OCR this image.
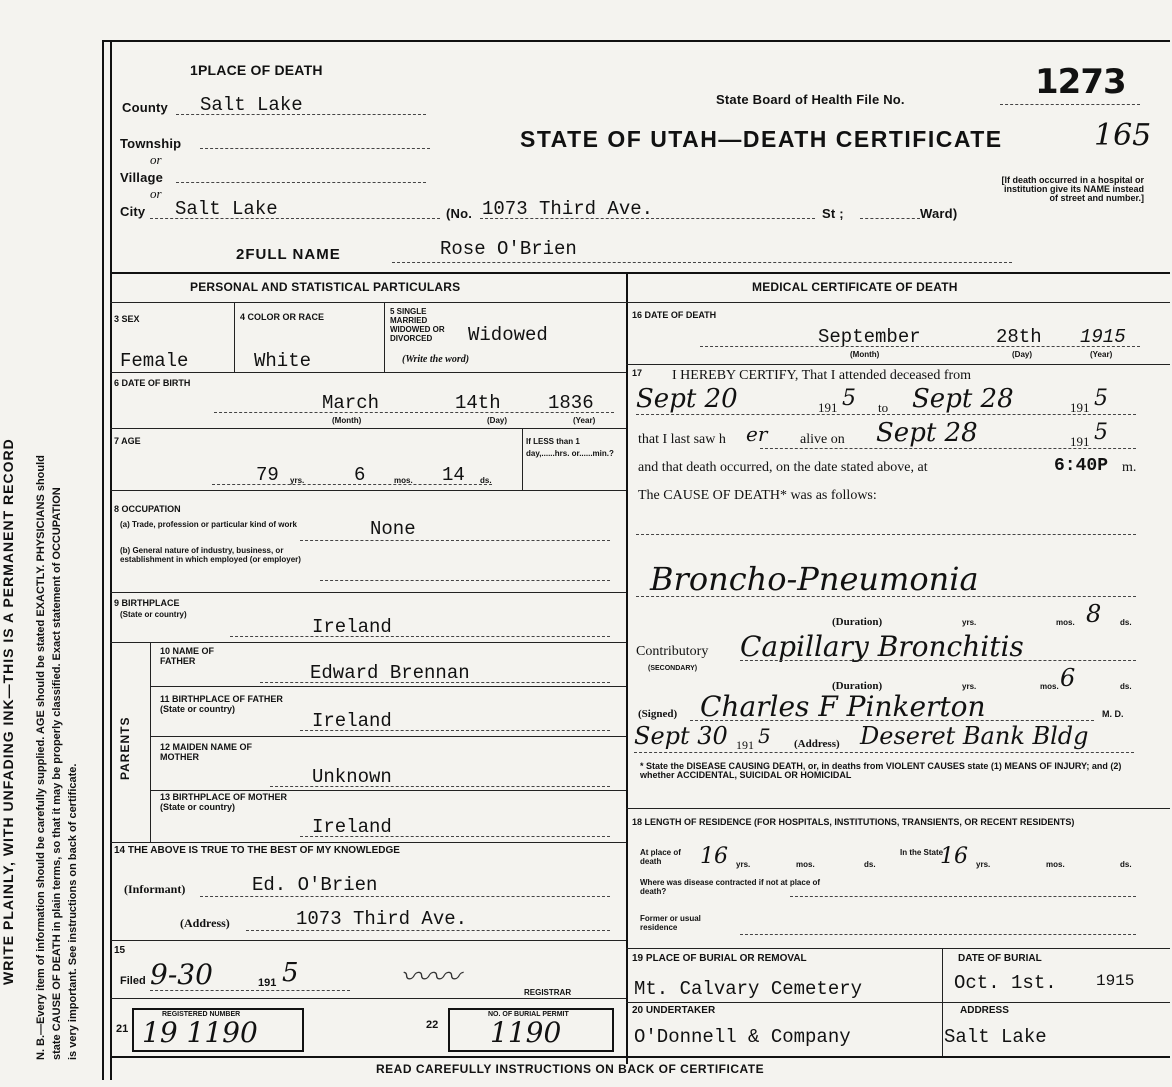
WRITE PLAINLY, WITH UNFADING INK—THIS IS A PERMANENT RECORD N. B.—Every item of information should be carefully supplied. AGE should be stated EXACTLY. PHYSICIANS should state CAUSE OF DEATH in plain terms, so that it may be properly classified. Exact statement of OCCUPATION is very important. See instructions on back of certificate.
1PLACE OF DEATH
State Board of Health File No.	1273
County Salt Lake
STATE OF UTAH—DEATH CERTIFICATE	165
Township
or
Village
or
City Salt Lake	(No. 1073 Third Ave.	St ;	Ward)
[If death occurred in a hospital or institution give its NAME instead of street and number.]
2FULL NAME	Rose O'Brien
PERSONAL AND STATISTICAL PARTICULARS
3 SEX
Female
4 COLOR OR RACE
White
5 SINGLE MARRIED WIDOWED OR DIVORCED	Widowed
(Write the word)
6 DATE OF BIRTH
March	14th 1836
(Month)	(Day)	(Year)
7 AGE
79 yrs.	6	mos. 14 ds.
If LESS than 1 day,......hrs. or......min.?
8 OCCUPATION
(a) Trade, profession or particular kind of work	None
(b) General nature of industry, business, or establishment in which employed (or employer)
9 BIRTHPLACE
(State or country)
Ireland
PARENTS
10 NAME OF FATHER
Edward Brennan
11 BIRTHPLACE OF FATHER (State or country)
Ireland
12 MAIDEN NAME OF MOTHER
Unknown
13 BIRTHPLACE OF MOTHER (State or country)
Ireland
14 THE ABOVE IS TRUE TO THE BEST OF MY KNOWLEDGE
(Informant)	Ed. O'Brien
(Address)	1073 Third Ave.
15
Filed 9-30	191 5	〰〰	REGISTRAR
21
REGISTERED NUMBER
19 1190	22
NO. OF BURIAL PERMIT
1190
MEDICAL CERTIFICATE OF DEATH
16 DATE OF DEATH
September	28th 1915
(Month)	(Day)	(Year)
17 I HEREBY CERTIFY, That I attended deceased from
Sept 20	191 5 to Sept 28	191 5
that I last saw h er alive on Sept 28	191 5
and that death occurred, on the date stated above, at	6:40P m.
The CAUSE OF DEATH* was as follows:
Broncho-Pneumonia
(Duration)	yrs.	mos. 8 ds.
Contributory
(SECONDARY)
Capillary Bronchitis
(Duration)	yrs.	mos. 6	ds.
(Signed) Charles F Pinkerton	M. D.
Sept 30 191 5 (Address) Deseret Bank Bldg
* State the DISEASE CAUSING DEATH, or, in deaths from VIOLENT CAUSES state (1) MEANS OF INJURY; and (2) whether ACCIDENTAL, SUICIDAL OR HOMICIDAL
18 LENGTH OF RESIDENCE (FOR HOSPITALS, INSTITUTIONS, TRANSIENTS, OR RECENT RESIDENTS)
At place of death	16 yrs.	mos.	ds.
In the State
16 yrs.	mos.	ds.
Where was disease contracted if not at place of death?
Former or usual residence
19 PLACE OF BURIAL OR REMOVAL
Mt. Calvary Cemetery
DATE OF BURIAL
Oct. 1st. 1915
20 UNDERTAKER
O'Donnell & Company
ADDRESS
Salt Lake
READ CAREFULLY INSTRUCTIONS ON BACK OF CERTIFICATE
